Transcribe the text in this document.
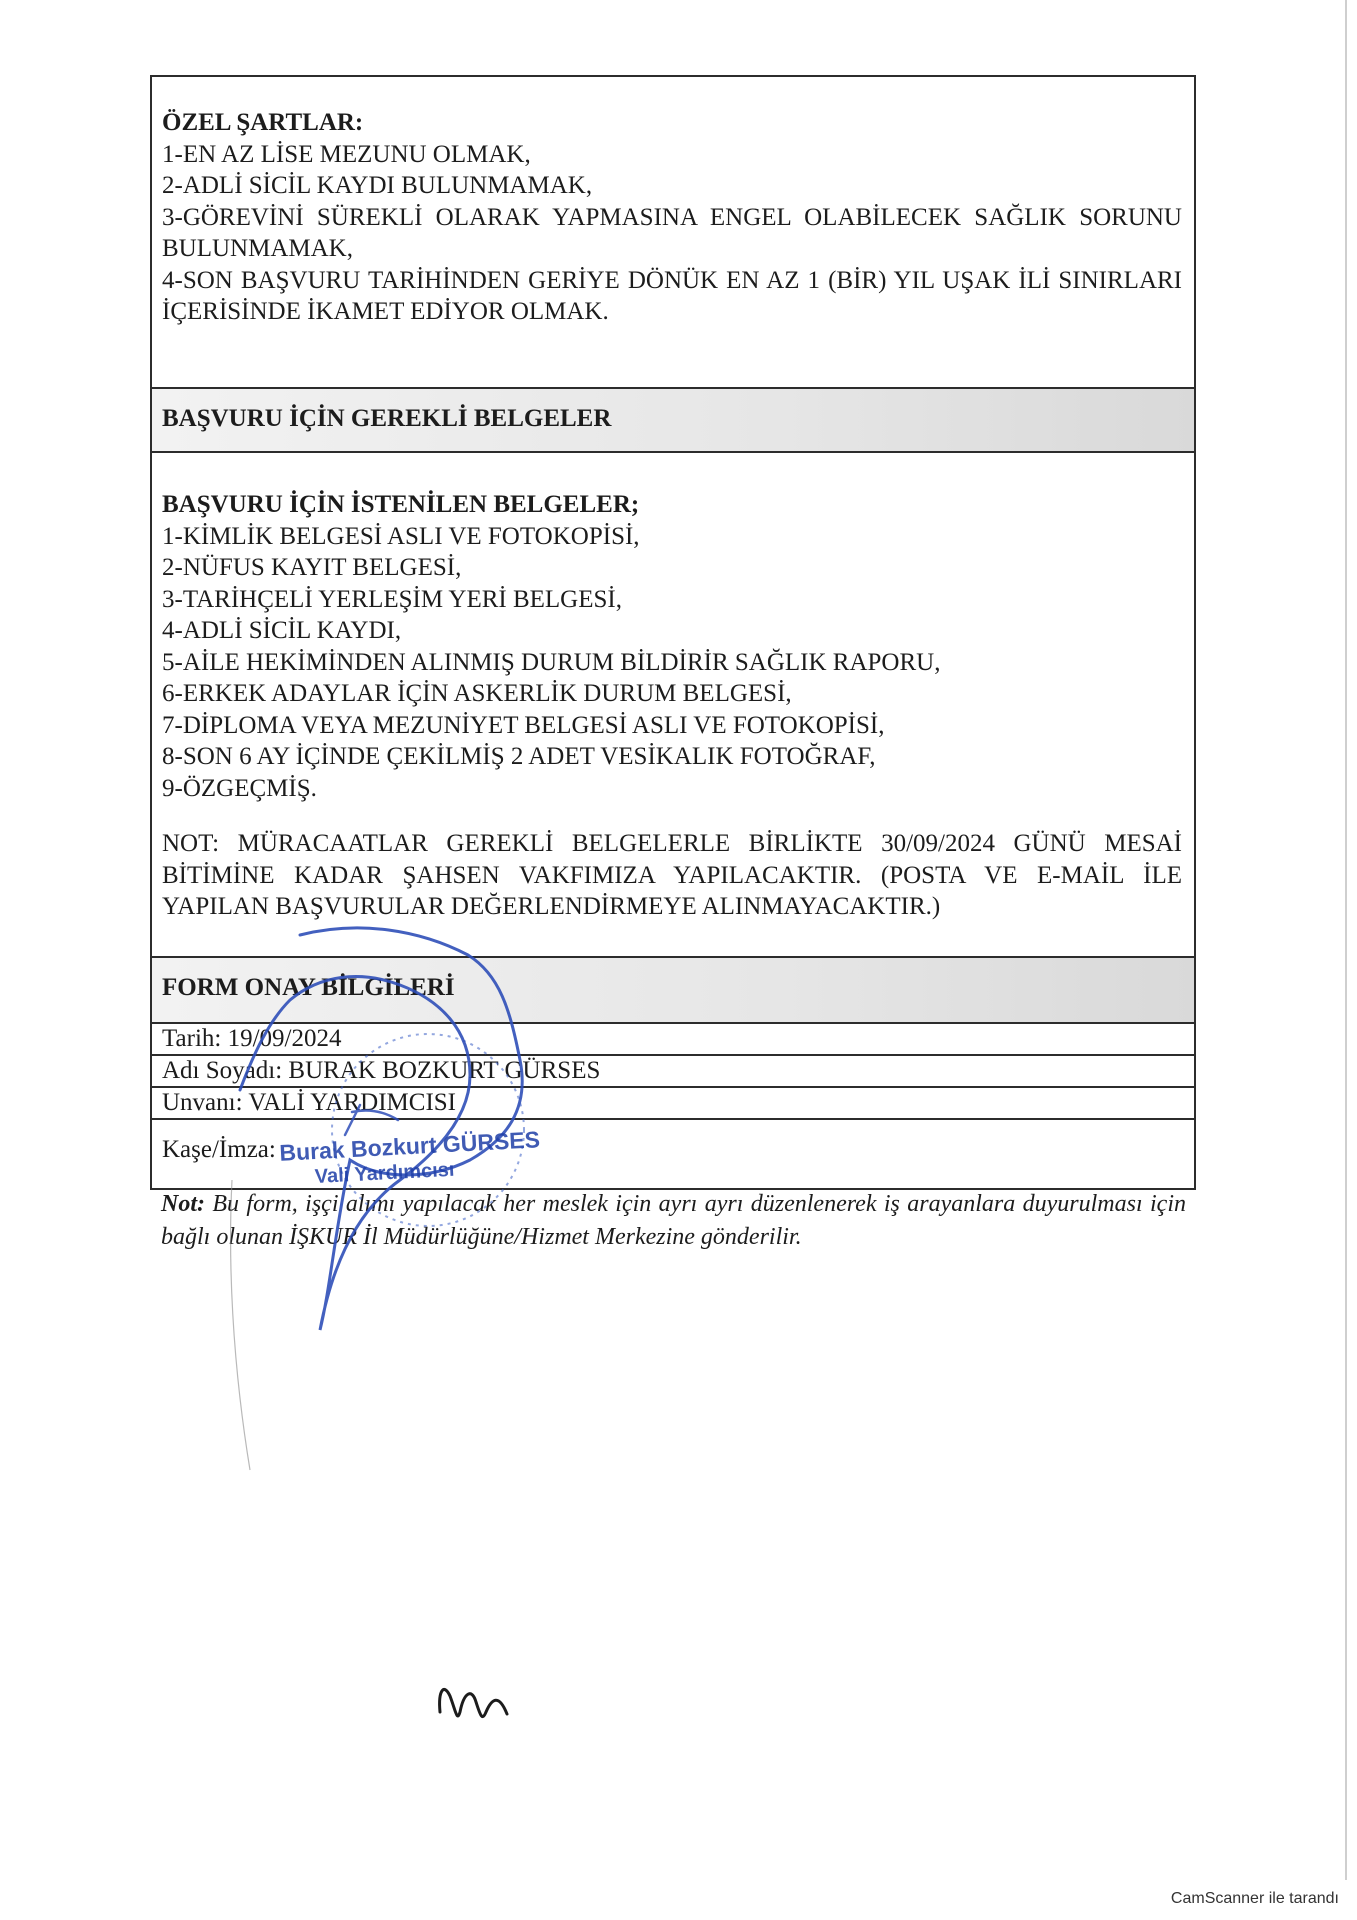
ÖZEL ŞARTLAR:
1-EN AZ LİSE MEZUNU OLMAK,
2-ADLİ SİCİL KAYDI BULUNMAMAK,
3-GÖREVİNİ SÜREKLİ OLARAK YAPMASINA ENGEL OLABİLECEK SAĞLIK SORUNU BULUNMAMAK,
4-SON BAŞVURU TARİHİNDEN GERİYE DÖNÜK EN AZ 1 (BİR) YIL UŞAK İLİ SINIRLARI İÇERİSİNDE İKAMET EDİYOR OLMAK.
BAŞVURU İÇİN GEREKLİ BELGELER
BAŞVURU İÇİN İSTENİLEN BELGELER;
1-KİMLİK BELGESİ ASLI VE FOTOKOPİSİ,
2-NÜFUS KAYIT BELGESİ,
3-TARİHÇELİ YERLEŞİM YERİ BELGESİ,
4-ADLİ SİCİL KAYDI,
5-AİLE HEKİMİNDEN ALINMIŞ DURUM BİLDİRİR SAĞLIK RAPORU,
6-ERKEK ADAYLAR İÇİN ASKERLİK DURUM BELGESİ,
7-DİPLOMA VEYA MEZUNİYET BELGESİ ASLI VE FOTOKOPİSİ,
8-SON 6 AY İÇİNDE ÇEKİLMİŞ 2 ADET VESİKALIK FOTOĞRAF,
9-ÖZGEÇMİŞ.
NOT: MÜRACAATLAR GEREKLİ BELGELERLE BİRLİKTE 30/09/2024 GÜNÜ MESAİ BİTİMİNE KADAR ŞAHSEN VAKFIMIZA YAPILACAKTIR. (POSTA VE E-MAİL İLE YAPILAN BAŞVURULAR DEĞERLENDİRMEYE ALINMAYACAKTIR.)
FORM ONAY BİLGİLERİ
Tarih: 19/09/2024
Adı Soyadı: BURAK BOZKURT GÜRSES
Unvanı: VALİ YARDIMCISI
Kaşe/İmza:
Not: Bu form, işçi alımı yapılacak her meslek için ayrı ayrı düzenlenerek iş arayanlara duyurulması için bağlı olunan İŞKUR İl Müdürlüğüne/Hizmet Merkezine gönderilir.
Burak Bozkurt GÜRSES
Vali Yardımcısı
CamScanner ile tarandı
